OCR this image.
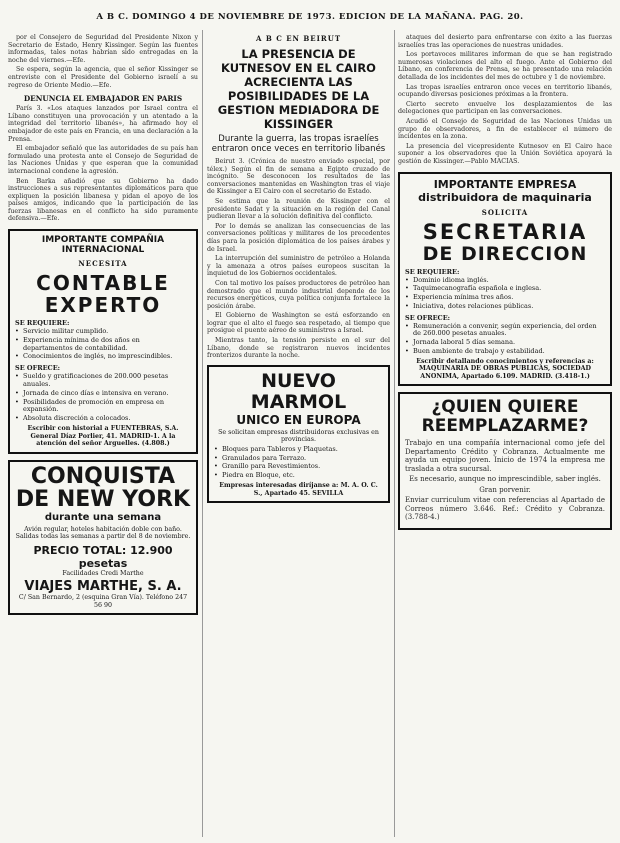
A B C. DOMINGO 4 DE NOVIEMBRE DE 1973. EDICION DE LA MAÑANA. PAG. 20.

por el Consejero de Seguridad del Presidente Nixon y Secretario de Estado, Henry Kissinger. Según las fuentes informadas, tales notas habrían sido entregadas en la noche del viernes.—Efe.

Se espera, según la agencia, que el señor Kissinger se entreviste con el Presidente del Gobierno israelí a su regreso de Oriente Medio.—Efe.

DENUNCIA EL EMBAJADOR EN PARIS

París 3. «Los ataques lanzados por Israel contra el Líbano constituyen una provocación y un atentado a la integridad del territorio libanés», ha afirmado hoy el embajador de este país en Francia, en una declaración a la Prensa.

El embajador señaló que las autoridades de su país han formulado una protesta ante el Consejo de Seguridad de las Naciones Unidas y que esperan que la comunidad internacional condene la agresión.

Ben Barka añadió que su Gobierno ha dado instrucciones a sus representantes diplomáticos para que expliquen la posición libanesa y pidan el apoyo de los países amigos, indicando que la participación de las fuerzas libanesas en el conflicto ha sido puramente defensiva.—Efe.

IMPORTANTE COMPAÑIA INTERNACIONAL
NECESITA
CONTABLE EXPERTO
SE REQUIERE:
• Servicio militar cumplido.
• Experiencia mínima de dos años en departamentos de contabilidad.
• Conocimientos de inglés, no imprescindibles.
SE OFRECE:
• Sueldo y gratificaciones de 200.000 pesetas anuales.
• Jornada de cinco días e intensiva en verano.
• Posibilidades de promoción en empresa en expansión.
• Absoluta discreción a colocados.
Escribir con historial a FUENTEBRAS, S.A. General Díaz Porlier, 41. MADRID-1. A la atención del señor Arguelles. (4.808.)
CONQUISTA
DE NEW YORK
durante una semana
Avión regular, hoteles habitación doble con baño. Salidas todas las semanas a partir del 8 de noviembre.
PRECIO TOTAL: 12.900 pesetas
Facilidades Credi Marthe
VIAJES MARTHE, S. A.
C/ San Bernardo, 2 (esquina Gran Vía). Teléfono 247 56 90
A B C EN BEIRUT
LA PRESENCIA DE KUTNESOV EN EL CAIRO ACRECIENTA LAS POSIBILIDADES DE LA GESTION MEDIADORA DE KISSINGER
Durante la guerra, las tropas israelíes entraron once veces en territorio libanés

Beirut 3. (Crónica de nuestro enviado especial, por télex.) Según el fin de semana a Egipto cruzado de incógnito. Se desconocen los resultados de las conversaciones mantenidas en Washington tras el viaje de Kissinger a El Cairo con el secretario de Estado.

Se estima que la reunión de Kissinger con el presidente Sadat y la situación en la región del Canal pudieran llevar a la solución definitiva del conflicto.

Por lo demás se analizan las consecuencias de las conversaciones políticas y militares de los precedentes días para la posición diplomática de los países árabes y de Israel.

La interrupción del suministro de petróleo a Holanda y la amenaza a otros países europeos suscitan la inquietud de los Gobiernos occidentales.

Con tal motivo los países productores de petróleo han demostrado que el mundo industrial depende de los recursos energéticos, cuya política conjunta fortalece la posición árabe.

El Gobierno de Washington se está esforzando en lograr que el alto el fuego sea respetado, al tiempo que prosigue el puente aéreo de suministros a Israel.

Mientras tanto, la tensión persiste en el sur del Líbano, donde se registraron nuevos incidentes fronterizos durante la noche.

NUEVO MARMOL
UNICO EN EUROPA
Se solicitan empresas distribuidoras exclusivas en provincias.
• Bloques para Tableros y Plaquetas.
• Granulados para Terrazo.
• Granillo para Revestimientos.
• Piedra en Bloque, etc.
Empresas interesadas diríjanse a: M. A. O. C. S., Apartado 45. SEVILLA

ataques del desierto para enfrentarse con éxito a las fuerzas israelíes tras las operaciones de nuestras unidades.

Los portavoces militares informan de que se han registrado numerosas violaciones del alto el fuego. Ante el Gobierno del Líbano, en conferencia de Prensa, se ha presentado una relación detallada de los incidentes del mes de octubre y 1 de noviembre.

Las tropas israelíes entraron once veces en territorio libanés, ocupando diversas posiciones próximas a la frontera.

Cierto secreto envuelve los desplazamientos de las delegaciones que participan en las conversaciones.

Acudió el Consejo de Seguridad de las Naciones Unidas un grupo de observadores, a fin de establecer el número de incidentes en la zona.

La presencia del vicepresidente Kutnesov en El Cairo hace suponer a los observadores que la Unión Soviética apoyará la gestión de Kissinger.—Pablo MACIAS.

IMPORTANTE EMPRESA distribuidora de maquinaria
SOLICITA
SECRETARIA
DE DIRECCION
SE REQUIERE:
• Dominio idioma inglés.
• Taquimecanografía española e inglesa.
• Experiencia mínima tres años.
• Iniciativa, dotes relaciones públicas.
SE OFRECE:
• Remuneración a convenir, según experiencia, del orden de 260.000 pesetas anuales.
• Jornada laboral 5 días semana.
• Buen ambiente de trabajo y estabilidad.
Escribir detallando conocimientos y referencias a: MAQUINARIA DE OBRAS PUBLICAS, SOCIEDAD ANONIMA, Apartado 6.109. MADRID. (3.418-1.)
¿QUIEN QUIERE
REEMPLAZARME?

Trabajo en una compañía internacional como jefe del Departamento Crédito y Cobranza. Actualmente me ayuda un equipo joven. Inicio de 1974 la empresa me traslada a otra sucursal.

Es necesario, aunque no imprescindible, saber inglés.

Gran porvenir.

Enviar curriculum vitae con referencias al Apartado de Correos número 3.646. Ref.: Crédito y Cobranza. (3.788-4.)
